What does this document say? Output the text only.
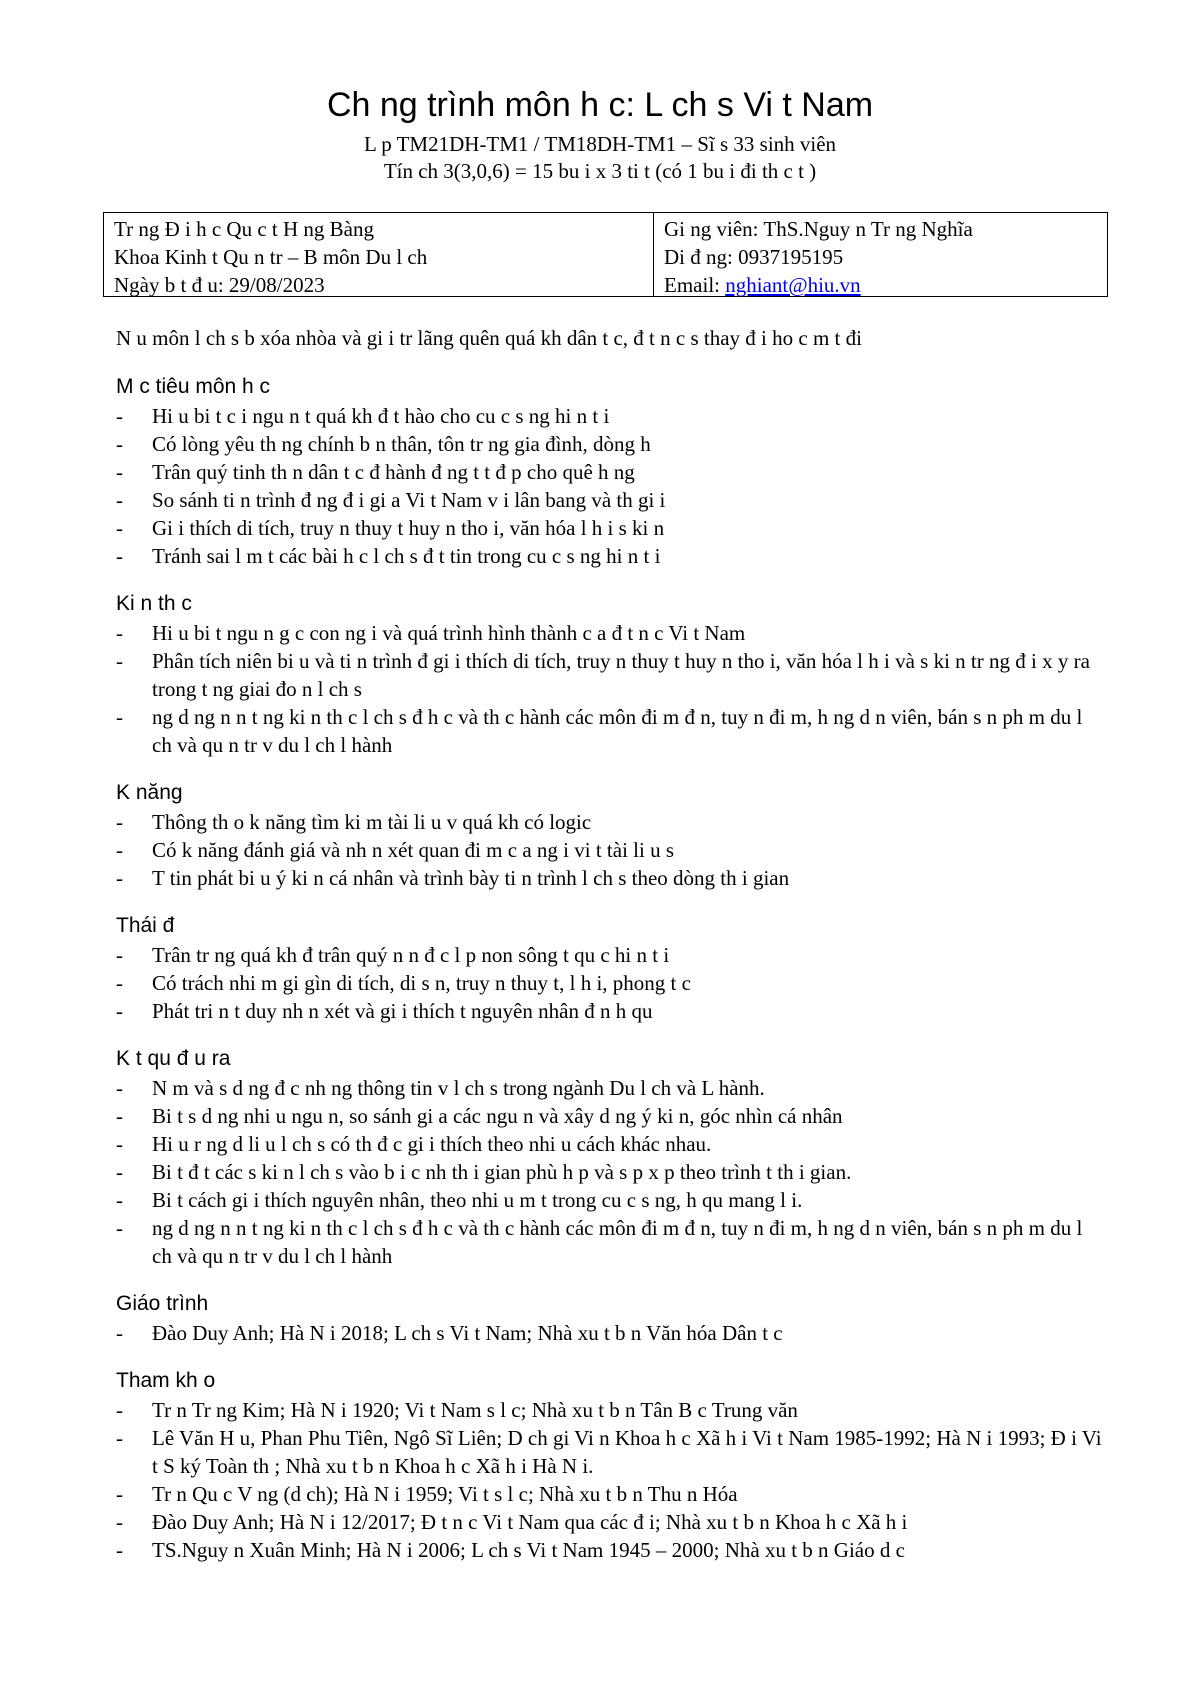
Ch ng trình môn h c: L ch s Vi t Nam
L p TM21DH-TM1 / TM18DH-TM1 – Sĩ s 33 sinh viên
Tín ch 3(3,0,6) = 15 bu i x 3 ti t (có 1 bu i đi th c t )
Tr ng Đ i h c Qu c t H ng Bàng
Khoa Kinh t Qu n tr – B môn Du l ch
Ngày b t đ u: 29/08/2023
Gi ng viên: ThS.Nguy n Tr ng Nghĩa
Di đ ng: 0937195195
Email: nghiant@hiu.vn
N u môn l ch s b xóa nhòa và gi i tr lãng quên quá kh dân t c, đ t n c s thay đ i ho c m t đi
M c tiêu môn h c
- Hi u bi t c i ngu n t quá kh đ t hào cho cu c s ng hi n t i
- Có lòng yêu th ng chính b n thân, tôn tr ng gia đình, dòng h
- Trân quý tinh th n dân t c đ hành đ ng t t đ p cho quê h ng
- So sánh ti n trình đ ng đ i gi a Vi t Nam v i lân bang và th gi i
- Gi i thích di tích, truy n thuy t huy n tho i, văn hóa l h i s ki n
- Tránh sai l m t các bài h c l ch s đ t tin trong cu c s ng hi n t i
Ki n th c
- Hi u bi t ngu n g c con ng i và quá trình hình thành c a đ t n c Vi t Nam
- Phân tích niên bi u và ti n trình đ gi i thích di tích, truy n thuy t huy n tho i, văn hóa l h i và s ki n tr ng đ i x y ra trong t ng giai đo n l ch s
- ng d ng n n t ng ki n th c l ch s đ h c và th c hành các môn đi m đ n, tuy n đi m, h ng d n viên, bán s n ph m du l ch và qu n tr v du l ch l hành
K năng
- Thông th o k năng tìm ki m tài li u v quá kh có logic
- Có k năng đánh giá và nh n xét quan đi m c a ng i vi t tài li u s
- T tin phát bi u ý ki n cá nhân và trình bày ti n trình l ch s theo dòng th i gian
Thái đ
- Trân tr ng quá kh đ trân quý n n đ c l p non sông t qu c hi n t i
- Có trách nhi m gi gìn di tích, di s n, truy n thuy t, l h i, phong t c
- Phát tri n t duy nh n xét và gi i thích t nguyên nhân đ n h qu
K t qu đ u ra
- N m và s d ng đ c nh ng thông tin v l ch s trong ngành Du l ch và L hành.
- Bi t s d ng nhi u ngu n, so sánh gi a các ngu n và xây d ng ý ki n, góc nhìn cá nhân
- Hi u r ng d li u l ch s có th đ c gi i thích theo nhi u cách khác nhau.
- Bi t đ t các s ki n l ch s vào b i c nh th i gian phù h p và s p x p theo trình t th i gian.
- Bi t cách gi i thích nguyên nhân, theo nhi u m t trong cu c s ng, h qu mang l i.
- ng d ng n n t ng ki n th c l ch s đ h c và th c hành các môn đi m đ n, tuy n đi m, h ng d n viên, bán s n ph m du l ch và qu n tr v du l ch l hành
Giáo trình
- Đào Duy Anh; Hà N i 2018; L ch s Vi t Nam; Nhà xu t b n Văn hóa Dân t c
Tham kh o
- Tr n Tr ng Kim; Hà N i 1920; Vi t Nam s l c; Nhà xu t b n Tân B c Trung văn
- Lê Văn H u, Phan Phu Tiên, Ngô Sĩ Liên; D ch gi Vi n Khoa h c Xã h i Vi t Nam 1985-1992; Hà N i 1993; Đ i Vi t S ký Toàn th ; Nhà xu t b n Khoa h c Xã h i Hà N i.
- Tr n Qu c V ng (d ch); Hà N i 1959; Vi t s l c; Nhà xu t b n Thu n Hóa
- Đào Duy Anh; Hà N i 12/2017; Đ t n c Vi t Nam qua các đ i; Nhà xu t b n Khoa h c Xã h i
- TS.Nguy n Xuân Minh; Hà N i 2006; L ch s Vi t Nam 1945 – 2000; Nhà xu t b n Giáo d c
